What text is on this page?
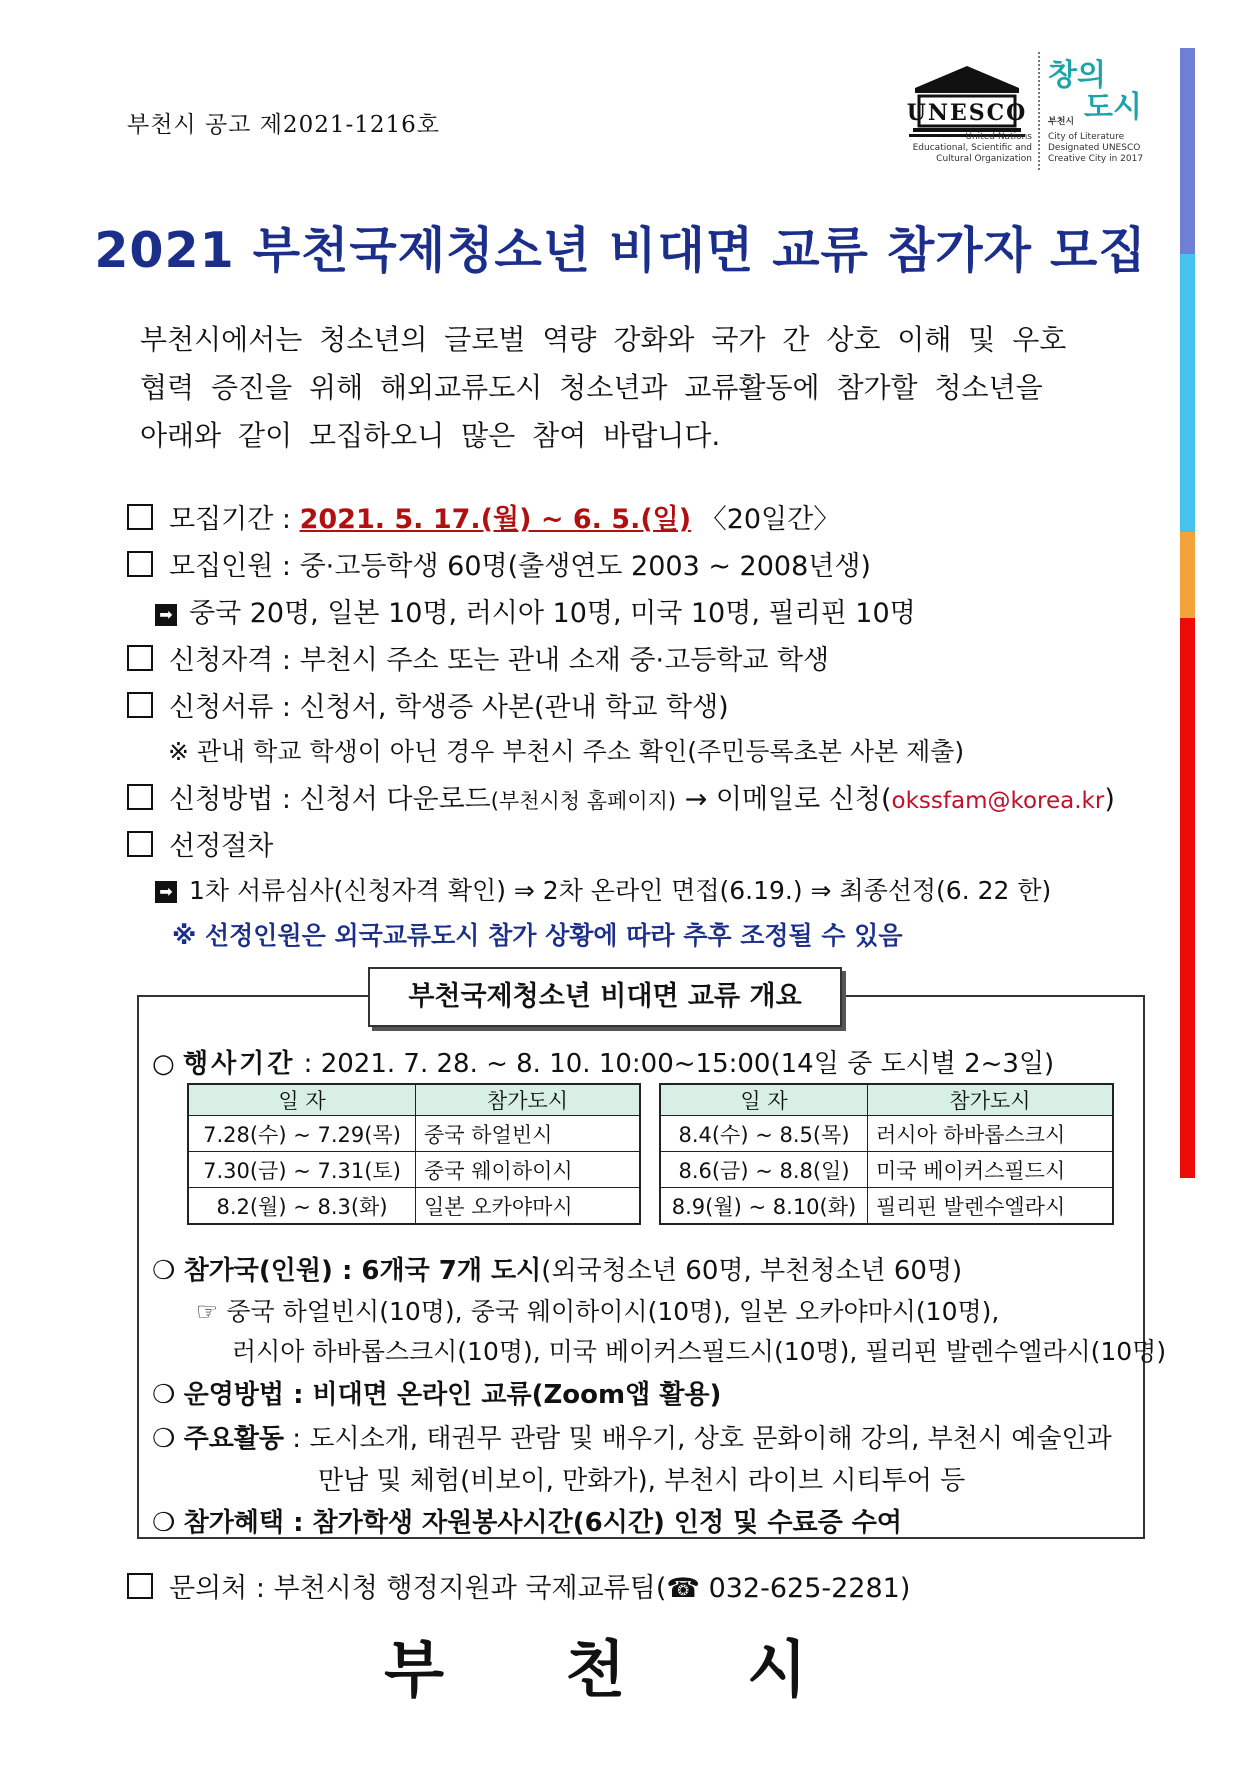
부천시 공고 제2021-1216호	UNESCO
United Nations
Educational, Scientific and
Cultural Organization
창의
부천시 도시
City of Literature
Designated UNESCO
Creative City in 2017
2021 부천국제청소년 비대면 교류 참가자 모집

부천시에서는 청소년의 글로벌 역량 강화와 국가 간 상호 이해 및 우호

협력 증진을 위해 해외교류도시 청소년과 교류활동에 참가할 청소년을

아래와 같이 모집하오니 많은 참여 바랍니다.

모집기간 : 2021. 5. 17.(월) ~ 6. 5.(일) 〈20일간〉
모집인원 : 중·고등학생 60명(출생연도 2003 ~ 2008년생)
➡ 중국 20명, 일본 10명, 러시아 10명, 미국 10명, 필리핀 10명
신청자격 : 부천시 주소 또는 관내 소재 중·고등학교 학생
신청서류 : 신청서, 학생증 사본(관내 학교 학생)
※ 관내 학교 학생이 아닌 경우 부천시 주소 확인(주민등록초본 사본 제출)
신청방법 : 신청서 다운로드(부천시청 홈페이지) → 이메일로 신청(okssfam@korea.kr)
선정절차
➡ 1차 서류심사(신청자격 확인) ⇒ 2차 온라인 면접(6.19.) ⇒ 최종선정(6. 22 한)
※ 선정인원은 외국교류도시 참가 상황에 따라 추후 조정될 수 있음
부천국제청소년 비대면 교류 개요
○ 행사기간 : 2021. 7. 28. ~ 8. 10. 10:00~15:00(14일 중 도시별 2~3일)
일 자	참가도시
7.28(수) ~ 7.29(목)	중국 하얼빈시
7.30(금) ~ 7.31(토)	중국 웨이하이시
8.2(월) ~ 8.3(화)	일본 오카야마시
일 자	참가도시
8.4(수) ~ 8.5(목)	러시아 하바롭스크시
8.6(금) ~ 8.8(일)	미국 베이커스필드시
8.9(월) ~ 8.10(화)	필리핀 발렌수엘라시
❍ 참가국(인원) : 6개국 7개 도시(외국청소년 60명, 부천청소년 60명)
☞ 중국 하얼빈시(10명), 중국 웨이하이시(10명), 일본 오카야마시(10명),
러시아 하바롭스크시(10명), 미국 베이커스필드시(10명), 필리핀 발렌수엘라시(10명)
❍ 운영방법 : 비대면 온라인 교류(Zoom앱 활용)
❍ 주요활동 : 도시소개, 태권무 관람 및 배우기, 상호 문화이해 강의, 부천시 예술인과
만남 및 체험(비보이, 만화가), 부천시 라이브 시티투어 등
❍ 참가혜택 : 참가학생 자원봉사시간(6시간) 인정 및 수료증 수여
문의처 : 부천시청 행정지원과 국제교류팀(☎ 032-625-2281)
부 천 시
